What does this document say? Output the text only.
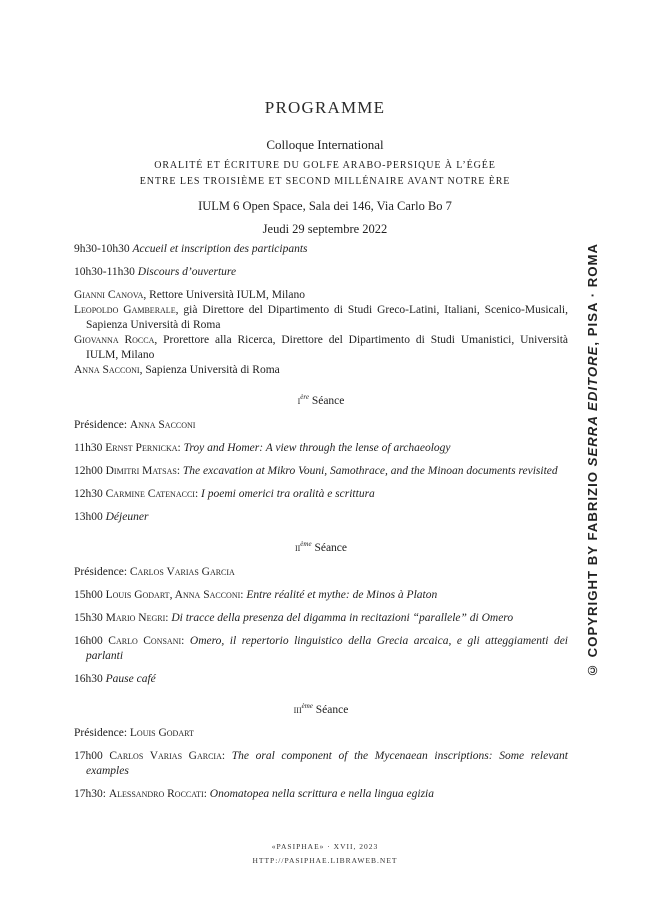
PROGRAMME
Colloque International
ORALITÉ ET ÉCRITURE DU GOLFE ARABO-PERSIQUE À L’ÉGÉE
ENTRE LES TROISIÈME ET SECOND MILLÉNAIRE AVANT NOTRE ÈRE
IULM 6 Open Space, Sala dei 146, Via Carlo Bo 7
Jeudi 29 septembre 2022

9h30-10h30 Accueil et inscription des participants

10h30-11h30 Discours d’ouverture

Gianni Canova, Rettore Università IULM, Milano

Leopoldo Gamberale, già Direttore del Dipartimento di Studi Greco-Latini, Italiani, Scenico-Musicali, Sapienza Università di Roma

Giovanna Rocca, Prorettore alla Ricerca, Direttore del Dipartimento di Studi Umanistici, Università IULM, Milano

Anna Sacconi, Sapienza Università di Roma

$i^{ère}$ Séance

Présidence: Anna Sacconi

11h30 Ernst Pernicka: Troy and Homer: A view through the lense of archaeology

12h00 Dimitri Matsas: The excavation at Mikro Vouni, Samothrace, and the Minoan documents revisited

12h30 Carmine Catenacci: I poemi omerici tra oralità e scrittura

13h00 Déjeuner

$ii^{ème}$ Séance

Présidence: Carlos Varias Garcia

15h00 Louis Godart, Anna Sacconi: Entre réalité et mythe: de Minos à Platon

15h30 Mario Negri: Di tracce della presenza del digamma in recitazioni “parallele” di Omero

16h00 Carlo Consani: Omero, il repertorio linguistico della Grecia arcaica, e gli atteggiamenti dei parlanti

16h30 Pause café

iii$^{ème}$ Séance

Présidence: Louis Godart

17h00 Carlos Varias Garcia: The oral component of the Mycenaean inscriptions: Some relevant examples

17h30: Alessandro Roccati: Onomatopea nella scrittura e nella lingua egizia

© COPYRIGHT BY FABRIZIO SERRA EDITORE, PISA · ROMA
«PASIPHAE» · XVII, 2023
HTTP://PASIPHAE.LIBRAWEB.NET
